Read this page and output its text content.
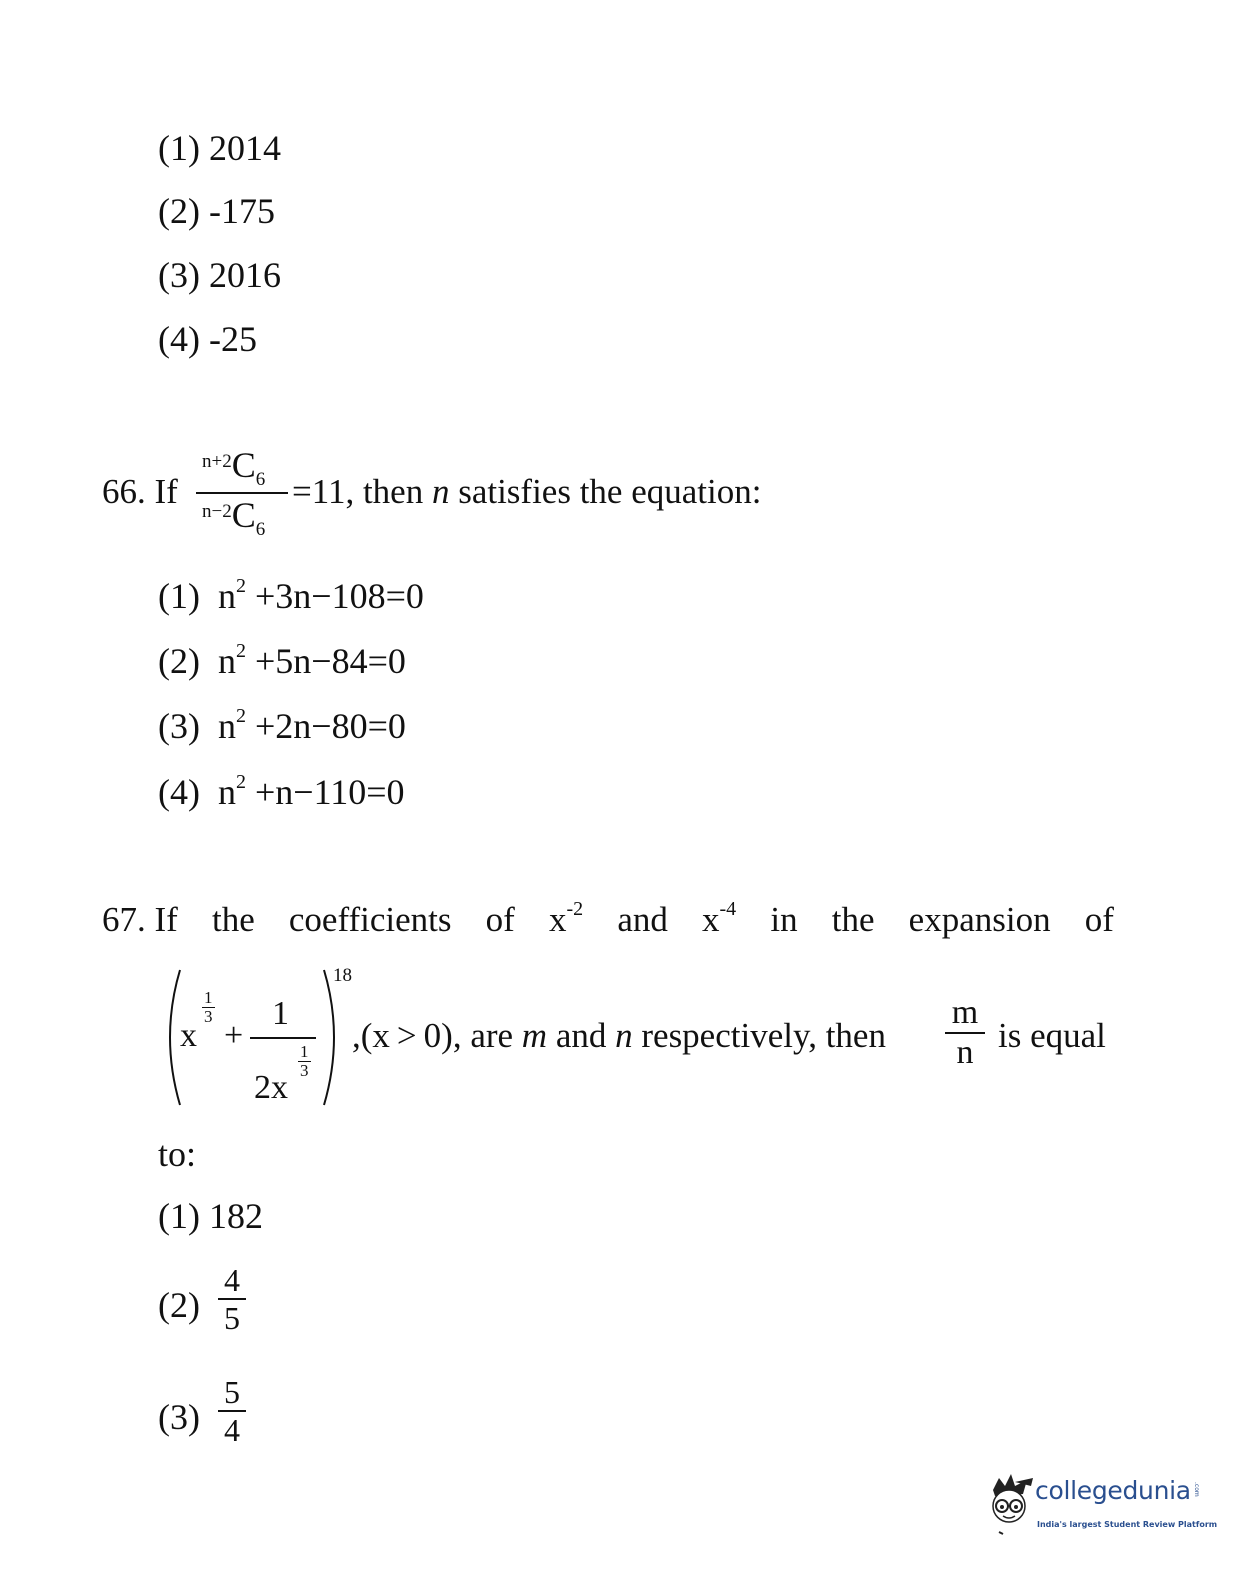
(1) 2014
(2) -175
(3) 2016
(4) -25
66. If
n+2C6
n−2C6
=11, then n satisfies the equation:
(1) $n^2 +3n-108=0$
(2) $n^2 +5n-84=0$
(3) $n^2 +2n-80=0$
(4) $n^2 +n-110=0$
67. If the coefficients of $x^{-2}$ and $x^{-4}$ in the expansion of
x
1
3
+
1
2x
1
3
18
,(x > 0), are m and n respectively, then
m
n is equal
to:
(1) 182
(2)
4
5
(3)
5
4
collegedunia .com
India's largest Student Review Platform
